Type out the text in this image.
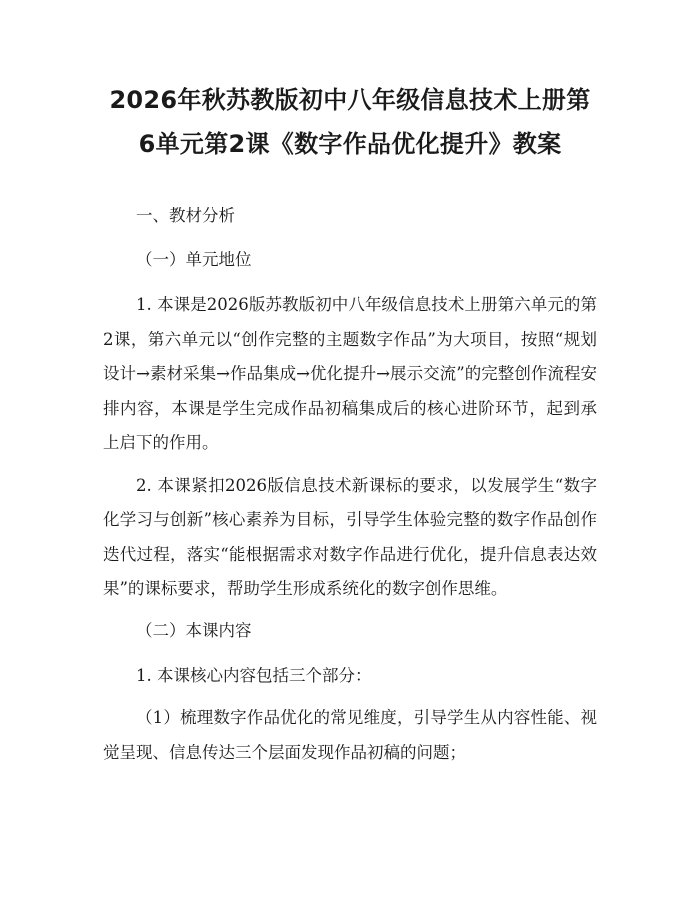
2026年秋苏教版初中八年级信息技术上册第6单元第2课《数字作品优化提升》教案

一、教材分析

（一）单元地位

1. 本课是2026版苏教版初中八年级信息技术上册第六单元的第2课，第六单元以“创作完整的主题数字作品”为大项目，按照“规划设计→素材采集→作品集成→优化提升→展示交流”的完整创作流程安排内容，本课是学生完成作品初稿集成后的核心进阶环节，起到承上启下的作用。

2. 本课紧扣2026版信息技术新课标的要求，以发展学生“数字化学习与创新”核心素养为目标，引导学生体验完整的数字作品创作迭代过程，落实“能根据需求对数字作品进行优化，提升信息表达效果”的课标要求，帮助学生形成系统化的数字创作思维。

（二）本课内容

1. 本课核心内容包括三个部分：

（1）梳理数字作品优化的常见维度，引导学生从内容性能、视觉呈现、信息传达三个层面发现作品初稿的问题；
